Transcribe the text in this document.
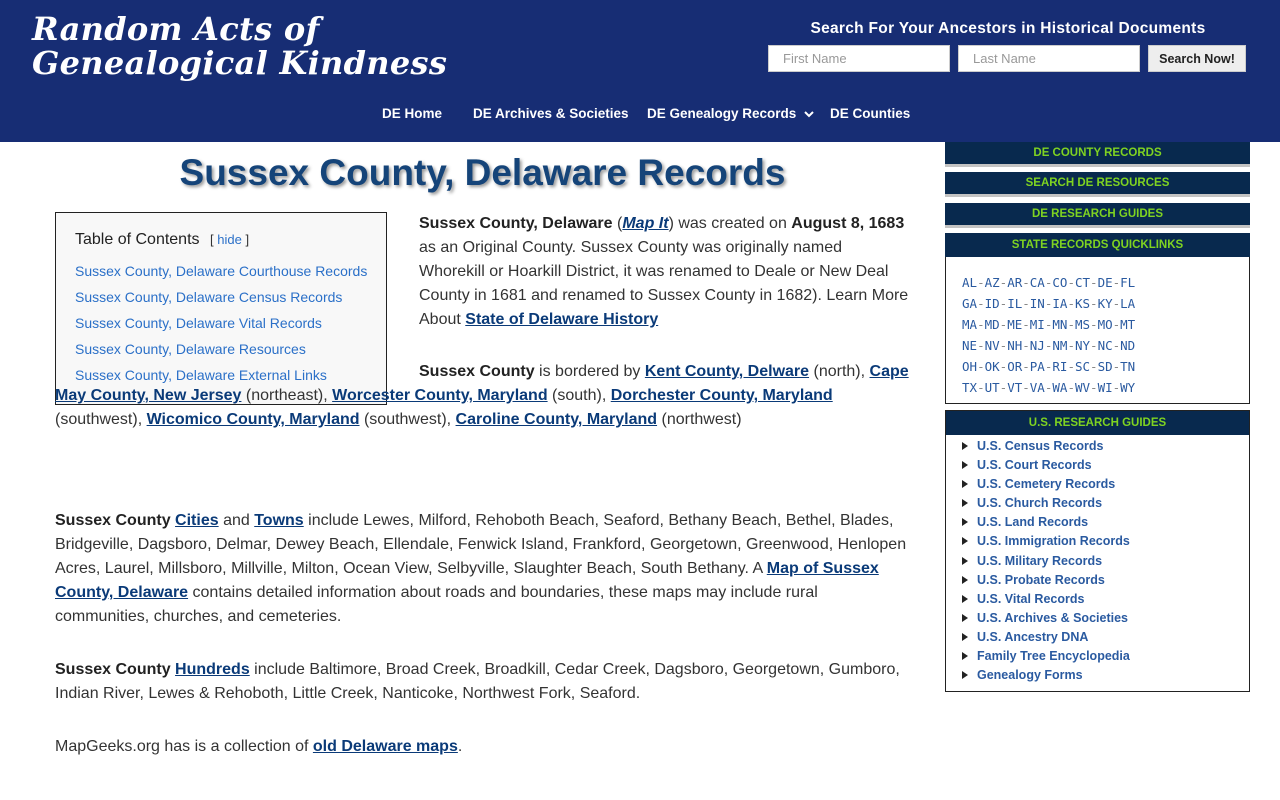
Random Acts of
Genealogical Kindness
Search For Your Ancestors in Historical Documents
First Name
Last Name
Search Now!
DE Home DE Archives & Societies DE Genealogy Records	DE Counties
Sussex County, Delaware Records
Table of Contents [ hide ]
Sussex County, Delaware Courthouse Records
Sussex County, Delaware Census Records
Sussex County, Delaware Vital Records
Sussex County, Delaware Resources
Sussex County, Delaware External Links

Sussex County, Delaware (Map It) was created on August 8, 1683 as an Original County. Sussex County was originally named Whorekill or Hoarkill District, it was renamed to Deale or New Deal County in 1681 and renamed to Sussex County in 1682). Learn More About State of Delaware History

Sussex County is bordered by Kent County, Delware (north), Cape May County, New Jersey (northeast), Worcester County, Maryland (south), Dorchester County, Maryland (southwest), Wicomico County, Maryland (southwest), Caroline County, Maryland (northwest)

Sussex County Cities and Towns include Lewes, Milford, Rehoboth Beach, Seaford, Bethany Beach, Bethel, Blades, Bridgeville, Dagsboro, Delmar, Dewey Beach, Ellendale, Fenwick Island, Frankford, Georgetown, Greenwood, Henlopen Acres, Laurel, Millsboro, Millville, Milton, Ocean View, Selbyville, Slaughter Beach, South Bethany. A Map of Sussex County, Delaware contains detailed information about roads and boundaries, these maps may include rural communities, churches, and cemeteries.

Sussex County Hundreds include Baltimore, Broad Creek, Broadkill, Cedar Creek, Dagsboro, Georgetown, Gumboro, Indian River, Lewes & Rehoboth, Little Creek, Nanticoke, Northwest Fork, Seaford.

MapGeeks.org has is a collection of old Delaware maps.

DE COUNTY RECORDS
SEARCH DE RESOURCES
DE RESEARCH GUIDES
STATE RECORDS QUICKLINKS
AL-AZ-AR-CA-CO-CT-DE-FL
GA-ID-IL-IN-IA-KS-KY-LA
MA-MD-ME-MI-MN-MS-MO-MT
NE-NV-NH-NJ-NM-NY-NC-ND
OH-OK-OR-PA-RI-SC-SD-TN
TX-UT-VT-VA-WA-WV-WI-WY
U.S. RESEARCH GUIDES
U.S. Census Records
U.S. Court Records
U.S. Cemetery Records
U.S. Church Records
U.S. Land Records
U.S. Immigration Records
U.S. Military Records
U.S. Probate Records
U.S. Vital Records
U.S. Archives & Societies
U.S. Ancestry DNA
Family Tree Encyclopedia
Genealogy Forms
